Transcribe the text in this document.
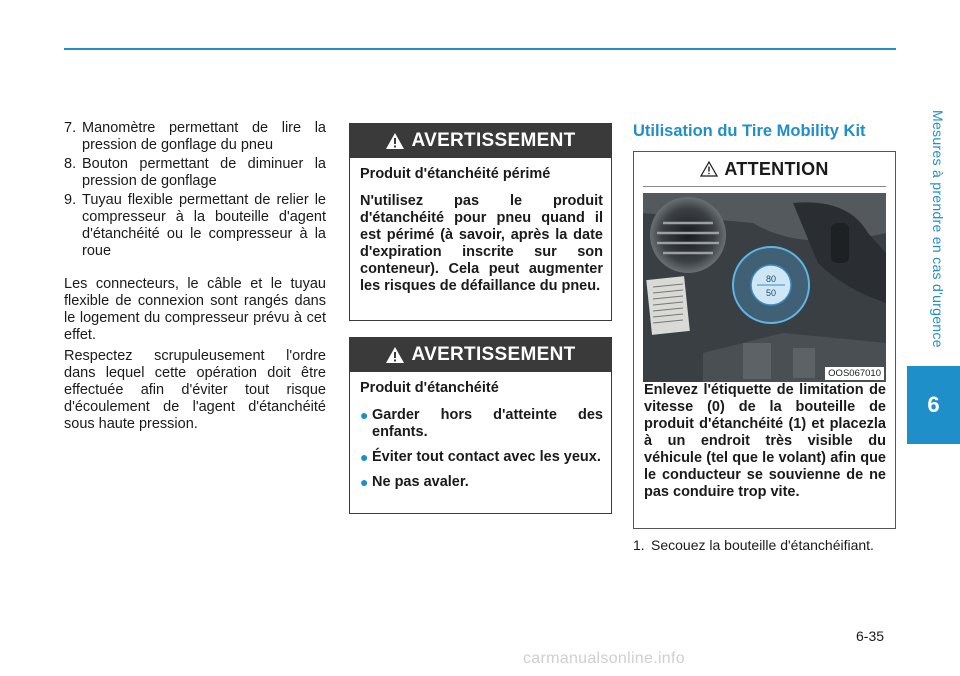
Mesures à prendre en cas d'urgence
6
7. Manomètre permettant de lire la pression de gonflage du pneu
8. Bouton permettant de diminuer la pression de gonflage
9. Tuyau flexible permettant de relier le compresseur à la bouteille d'agent d'étanchéité ou le compresseur à la roue

Les connecteurs, le câble et le tuyau flexible de connexion sont rangés dans le logement du compresseur prévu à cet effet.

Respectez scrupuleusement l'ordre dans lequel cette opération doit être effectuée afin d'éviter tout risque d'écoulement de l'agent d'étanchéité sous haute pression.

AVERTISSEMENT
Produit d'étanchéité périmé
N'utilisez pas le produit d'étanchéité pour pneu quand il est périmé (à savoir, après la date d'expiration inscrite sur son conteneur). Cela peut augmenter les risques de défaillance du pneu.
AVERTISSEMENT
Produit d'étanchéité
● Garder hors d'atteinte des enfants.
● Éviter tout contact avec les yeux.
● Ne pas avaler.
Utilisation du Tire Mobility Kit
ATTENTION
80
50
OOS067010
Enlevez l'étiquette de limitation de vitesse (0) de la bouteille de produit d'étanchéité (1) et placezla à un endroit très visible du véhicule (tel que le volant) afin que le conducteur se souvienne de ne pas conduire trop vite.
1. Secouez la bouteille d'étanchéifiant.
6-35
carmanualsonline.info
